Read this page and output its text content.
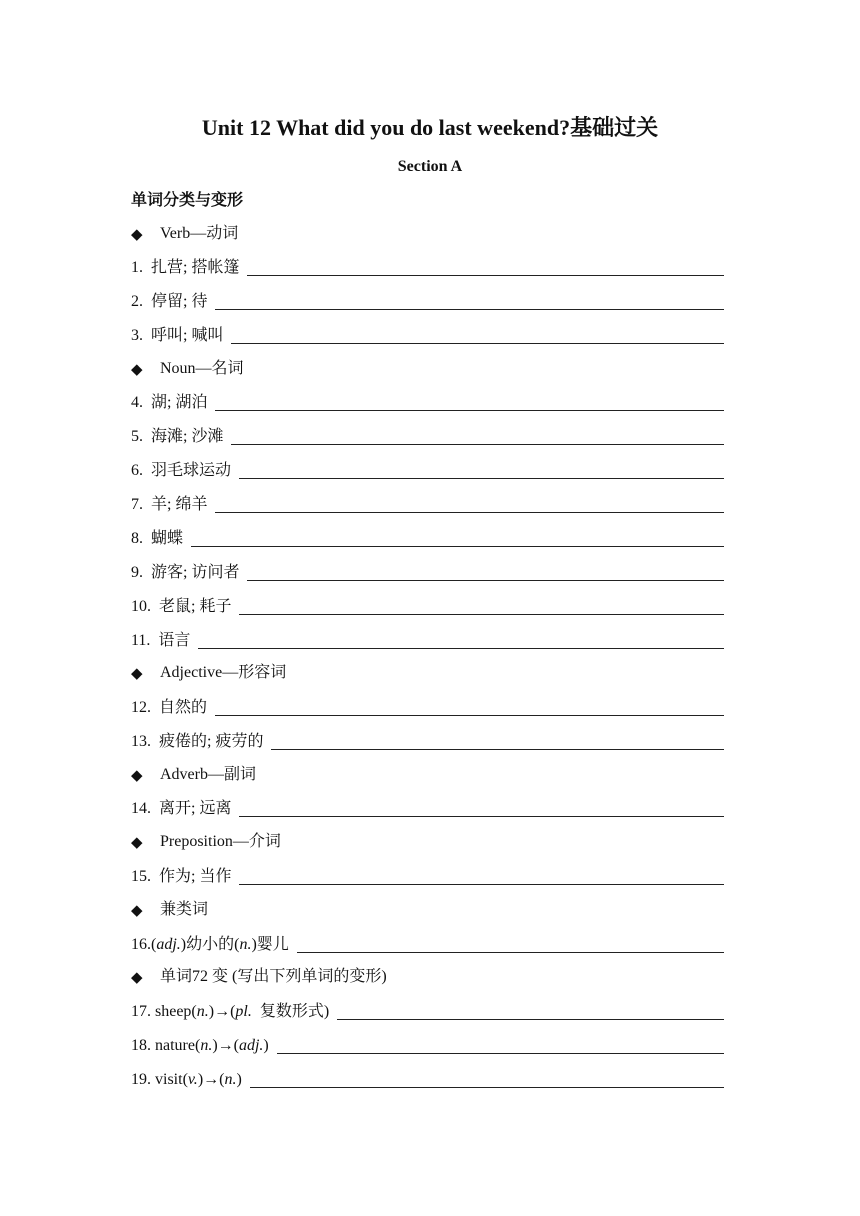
Unit 12 What did you do last weekend?基础过关
Section A
单词分类与变形
◆	Verb—动词
1.  扎营; 搭帐篷
2.  停留; 待
3.  呼叫; 喊叫
◆	Noun—名词
4.  湖; 湖泊
5.  海滩; 沙滩
6.  羽毛球运动
7.  羊; 绵羊
8.  蝴蝶
9.  游客; 访问者
10.  老鼠; 耗子
11.  语言
◆	Adjective—形容词
12.  自然的
13.  疲倦的; 疲劳的
◆	Adverb—副词
14.  离开; 远离
◆	Preposition—介词
15.  作为; 当作
◆	兼类词
16.(adj.)幼小的(n.)婴儿
◆	单词72 变 (写出下列单词的变形)
17. sheep(n.)→(pl.  复数形式)
18. nature(n.)→(adj.)
19. visit(v.)→(n.)
